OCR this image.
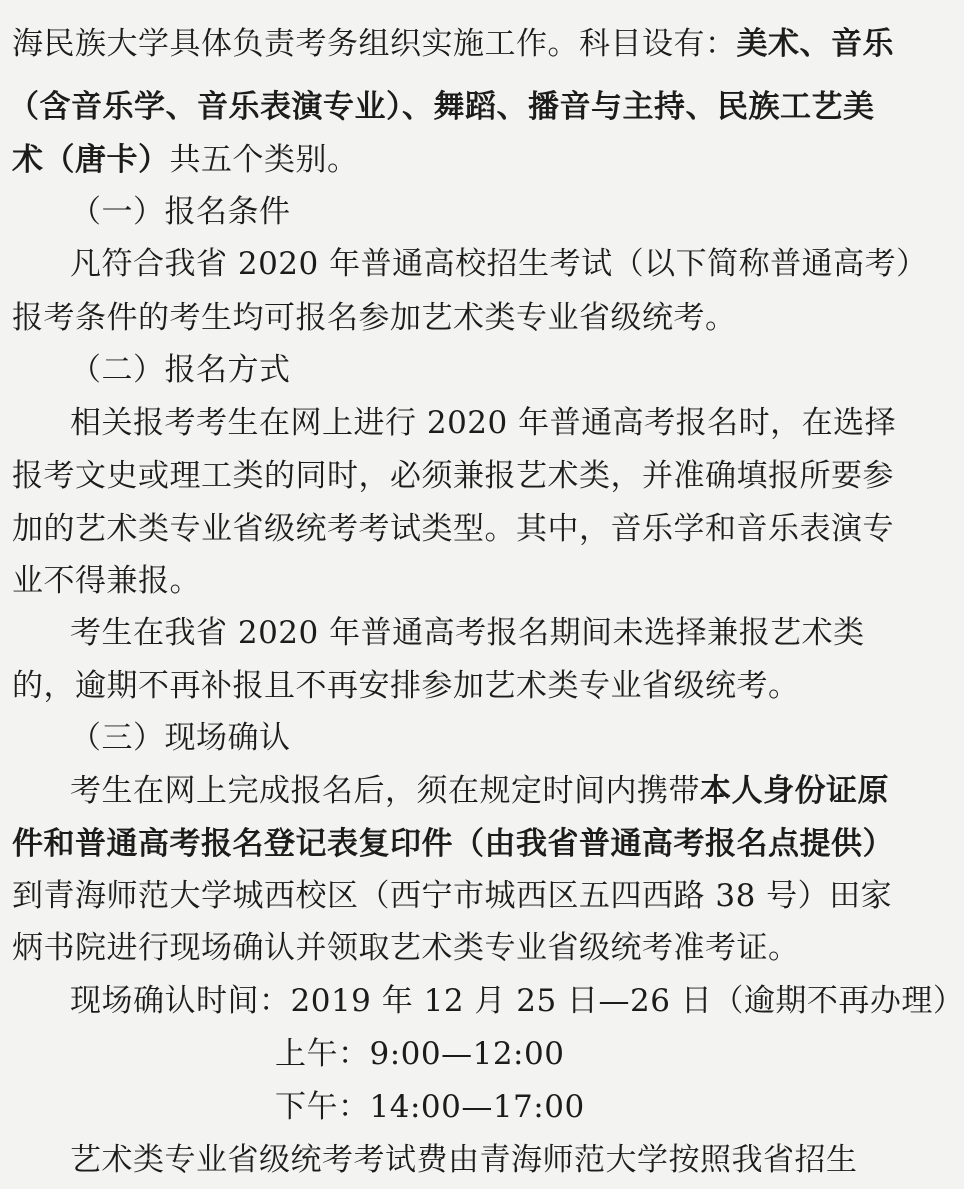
海民族大学具体负责考务组织实施工作。科目设有：美术、音乐
（含音乐学、音乐表演专业）、舞蹈、播音与主持、民族工艺美
术（唐卡）共五个类别。
（一）报名条件
凡符合我省 2020 年普通高校招生考试（以下简称普通高考）
报考条件的考生均可报名参加艺术类专业省级统考。
（二）报名方式
相关报考考生在网上进行 2020 年普通高考报名时，在选择
报考文史或理工类的同时，必须兼报艺术类，并准确填报所要参
加的艺术类专业省级统考考试类型。其中，音乐学和音乐表演专
业不得兼报。
考生在我省 2020 年普通高考报名期间未选择兼报艺术类
的，逾期不再补报且不再安排参加艺术类专业省级统考。
（三）现场确认
考生在网上完成报名后，须在规定时间内携带本人身份证原
件和普通高考报名登记表复印件（由我省普通高考报名点提供）
到青海师范大学城西校区（西宁市城西区五四西路 38 号）田家
炳书院进行现场确认并领取艺术类专业省级统考准考证。
现场确认时间：2019 年 12 月 25 日—26 日（逾期不再办理）
上午：9:00—12:00
下午：14:00—17:00
艺术类专业省级统考考试费由青海师范大学按照我省招生
